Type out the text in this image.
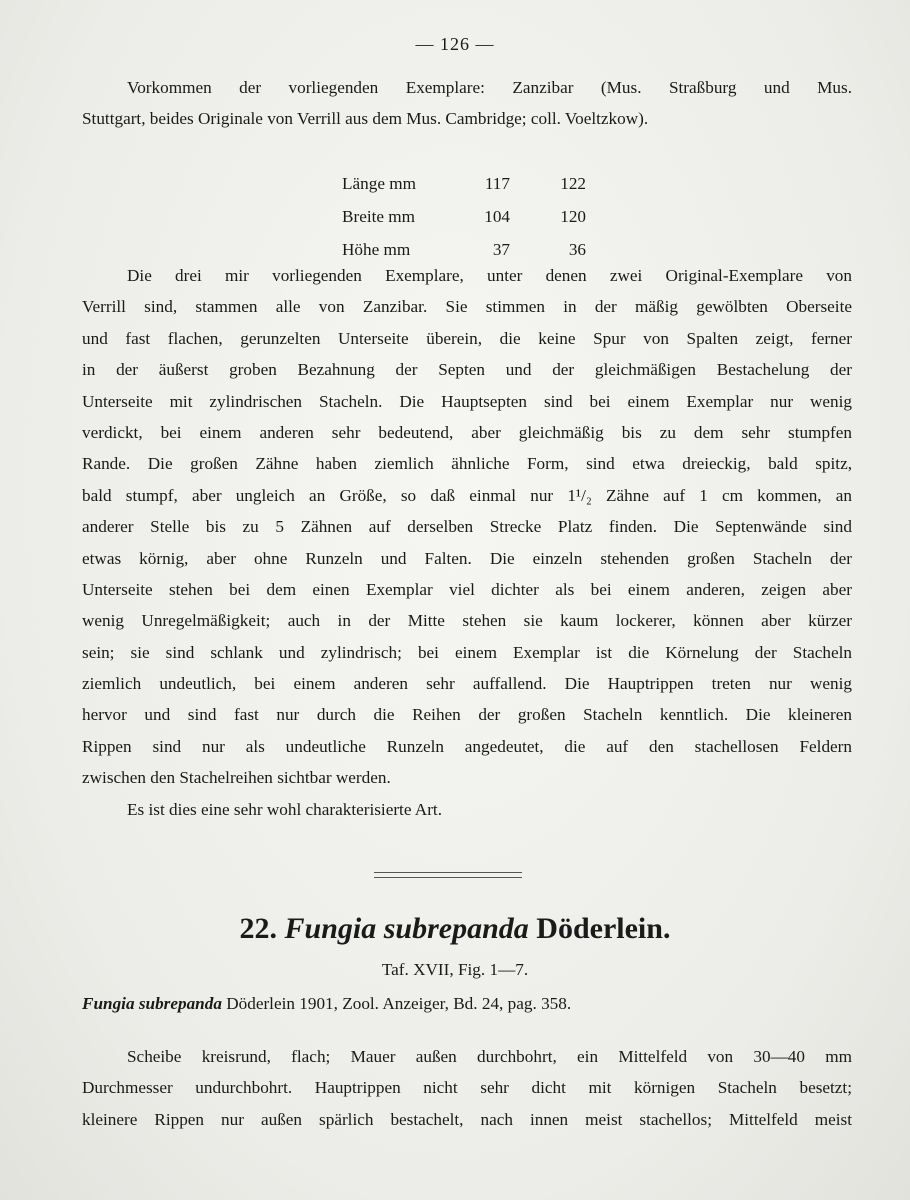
— 126 —
Vorkommen der vorliegenden Exemplare: Zanzibar (Mus. Straßburg und Mus.
Stuttgart, beides Originale von Verrill aus dem Mus. Cambridge; coll. Voeltzkow).
Länge mm	117	122
Breite mm	104	120
Höhe mm	37	36
Die drei mir vorliegenden Exemplare, unter denen zwei Original-Exemplare von
Verrill sind, stammen alle von Zanzibar. Sie stimmen in der mäßig gewölbten Oberseite
und fast flachen, gerunzelten Unterseite überein, die keine Spur von Spalten zeigt, ferner
in der äußerst groben Bezahnung der Septen und der gleichmäßigen Bestachelung der
Unterseite mit zylindrischen Stacheln. Die Hauptsepten sind bei einem Exemplar nur wenig
verdickt, bei einem anderen sehr bedeutend, aber gleichmäßig bis zu dem sehr stumpfen
Rande. Die großen Zähne haben ziemlich ähnliche Form, sind etwa dreieckig, bald spitz,
bald stumpf, aber ungleich an Größe, so daß einmal nur 1¹/₂ Zähne auf 1 cm kommen, an
anderer Stelle bis zu 5 Zähnen auf derselben Strecke Platz finden. Die Septenwände sind
etwas körnig, aber ohne Runzeln und Falten. Die einzeln stehenden großen Stacheln der
Unterseite stehen bei dem einen Exemplar viel dichter als bei einem anderen, zeigen aber
wenig Unregelmäßigkeit; auch in der Mitte stehen sie kaum lockerer, können aber kürzer
sein; sie sind schlank und zylindrisch; bei einem Exemplar ist die Körnelung der Stacheln
ziemlich undeutlich, bei einem anderen sehr auffallend. Die Hauptrippen treten nur wenig
hervor und sind fast nur durch die Reihen der großen Stacheln kenntlich. Die kleineren
Rippen sind nur als undeutliche Runzeln angedeutet, die auf den stachellosen Feldern
zwischen den Stachelreihen sichtbar werden.
Es ist dies eine sehr wohl charakterisierte Art.
22. Fungia subrepanda Döderlein.
Taf. XVII, Fig. 1—7.
Fungia subrepanda Döderlein 1901, Zool. Anzeiger, Bd. 24, pag. 358.
Scheibe kreisrund, flach; Mauer außen durchbohrt, ein Mittelfeld von 30—40 mm
Durchmesser undurchbohrt. Hauptrippen nicht sehr dicht mit körnigen Stacheln besetzt;
kleinere Rippen nur außen spärlich bestachelt, nach innen meist stachellos; Mittelfeld meist
